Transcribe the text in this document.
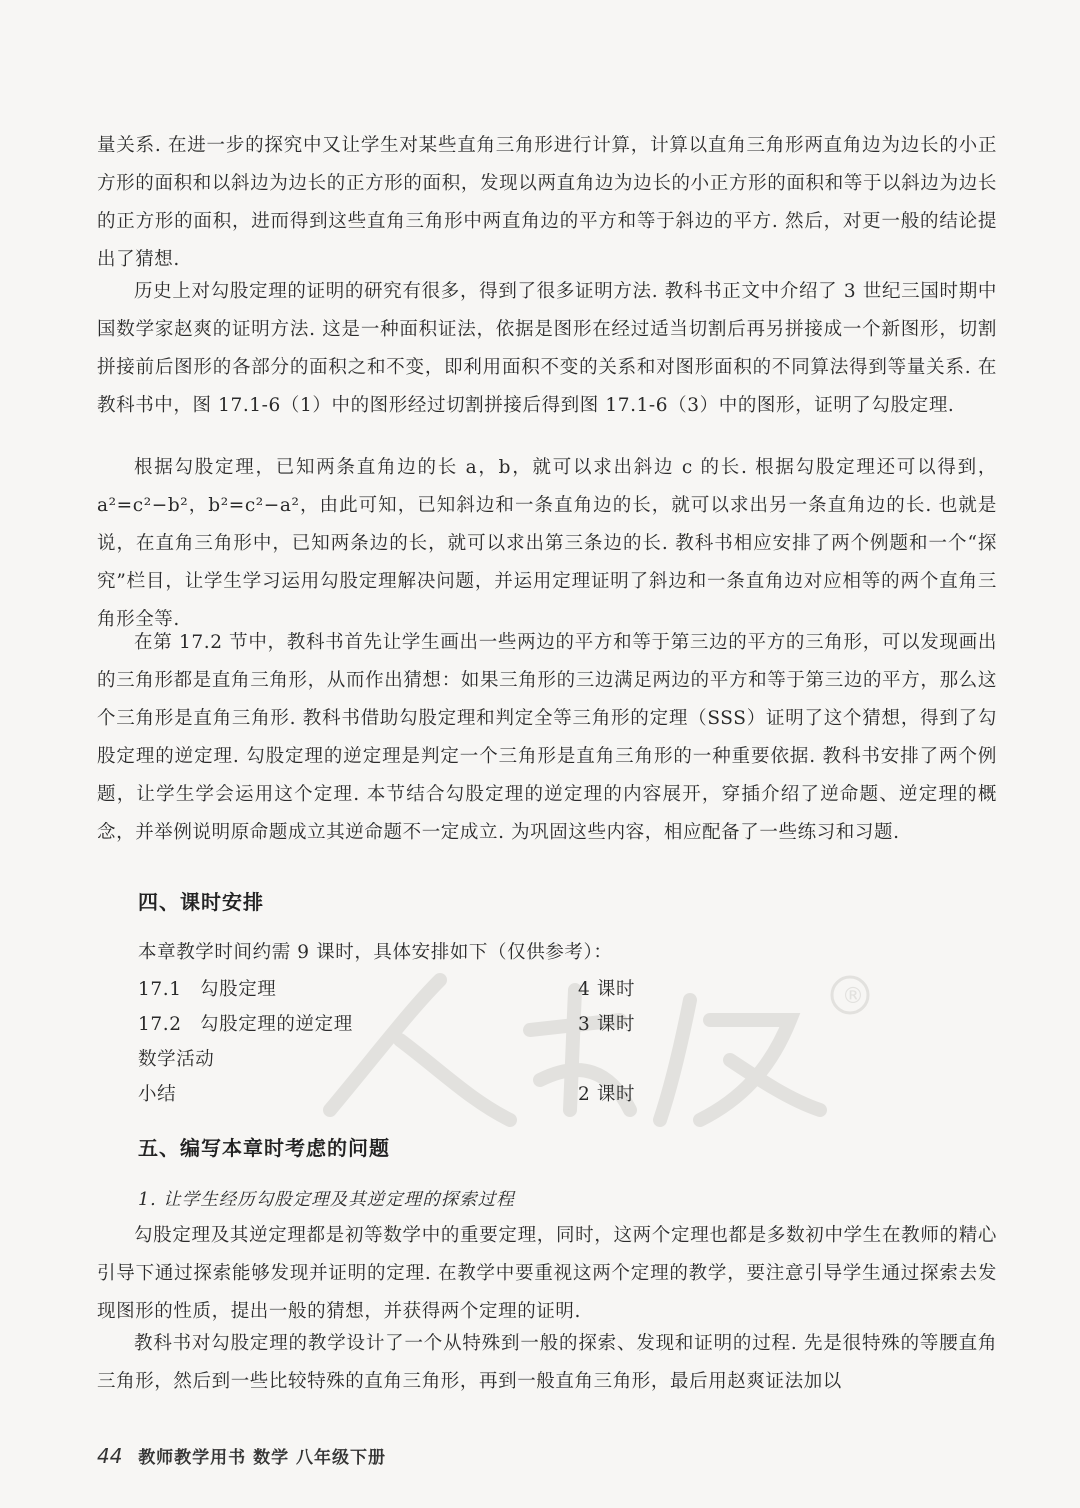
®

量关系. 在进一步的探究中又让学生对某些直角三角形进行计算，计算以直角三角形两直角边为边长的小正方形的面积和以斜边为边长的正方形的面积，发现以两直角边为边长的小正方形的面积和等于以斜边为边长的正方形的面积，进而得到这些直角三角形中两直角边的平方和等于斜边的平方. 然后，对更一般的结论提出了猜想.

历史上对勾股定理的证明的研究有很多，得到了很多证明方法. 教科书正文中介绍了 3 世纪三国时期中国数学家赵爽的证明方法. 这是一种面积证法，依据是图形在经过适当切割后再另拼接成一个新图形，切割拼接前后图形的各部分的面积之和不变，即利用面积不变的关系和对图形面积的不同算法得到等量关系. 在教科书中，图 17.1-6（1）中的图形经过切割拼接后得到图 17.1-6（3）中的图形，证明了勾股定理.

根据勾股定理，已知两条直角边的长 a，b，就可以求出斜边 c 的长. 根据勾股定理还可以得到，a²=c²−b²，b²=c²−a²，由此可知，已知斜边和一条直角边的长，就可以求出另一条直角边的长. 也就是说，在直角三角形中，已知两条边的长，就可以求出第三条边的长. 教科书相应安排了两个例题和一个“探究”栏目，让学生学习运用勾股定理解决问题，并运用定理证明了斜边和一条直角边对应相等的两个直角三角形全等.

在第 17.2 节中，教科书首先让学生画出一些两边的平方和等于第三边的平方的三角形，可以发现画出的三角形都是直角三角形，从而作出猜想：如果三角形的三边满足两边的平方和等于第三边的平方，那么这个三角形是直角三角形. 教科书借助勾股定理和判定全等三角形的定理（SSS）证明了这个猜想，得到了勾股定理的逆定理. 勾股定理的逆定理是判定一个三角形是直角三角形的一种重要依据. 教科书安排了两个例题，让学生学会运用这个定理. 本节结合勾股定理的逆定理的内容展开，穿插介绍了逆命题、逆定理的概念，并举例说明原命题成立其逆命题不一定成立. 为巩固这些内容，相应配备了一些练习和习题.

四、课时安排

本章教学时间约需 9 课时，具体安排如下（仅供参考）：

17.1 勾股定理	4 课时
17.2 勾股定理的逆定理	3 课时
数学活动
小结	2 课时
五、编写本章时考虑的问题

1. 让学生经历勾股定理及其逆定理的探索过程

勾股定理及其逆定理都是初等数学中的重要定理，同时，这两个定理也都是多数初中学生在教师的精心引导下通过探索能够发现并证明的定理. 在教学中要重视这两个定理的教学，要注意引导学生通过探索去发现图形的性质，提出一般的猜想，并获得两个定理的证明.

教科书对勾股定理的教学设计了一个从特殊到一般的探索、发现和证明的过程. 先是很特殊的等腰直角三角形，然后到一些比较特殊的直角三角形，再到一般直角三角形，最后用赵爽证法加以

44 教师教学用书 数学 八年级下册
